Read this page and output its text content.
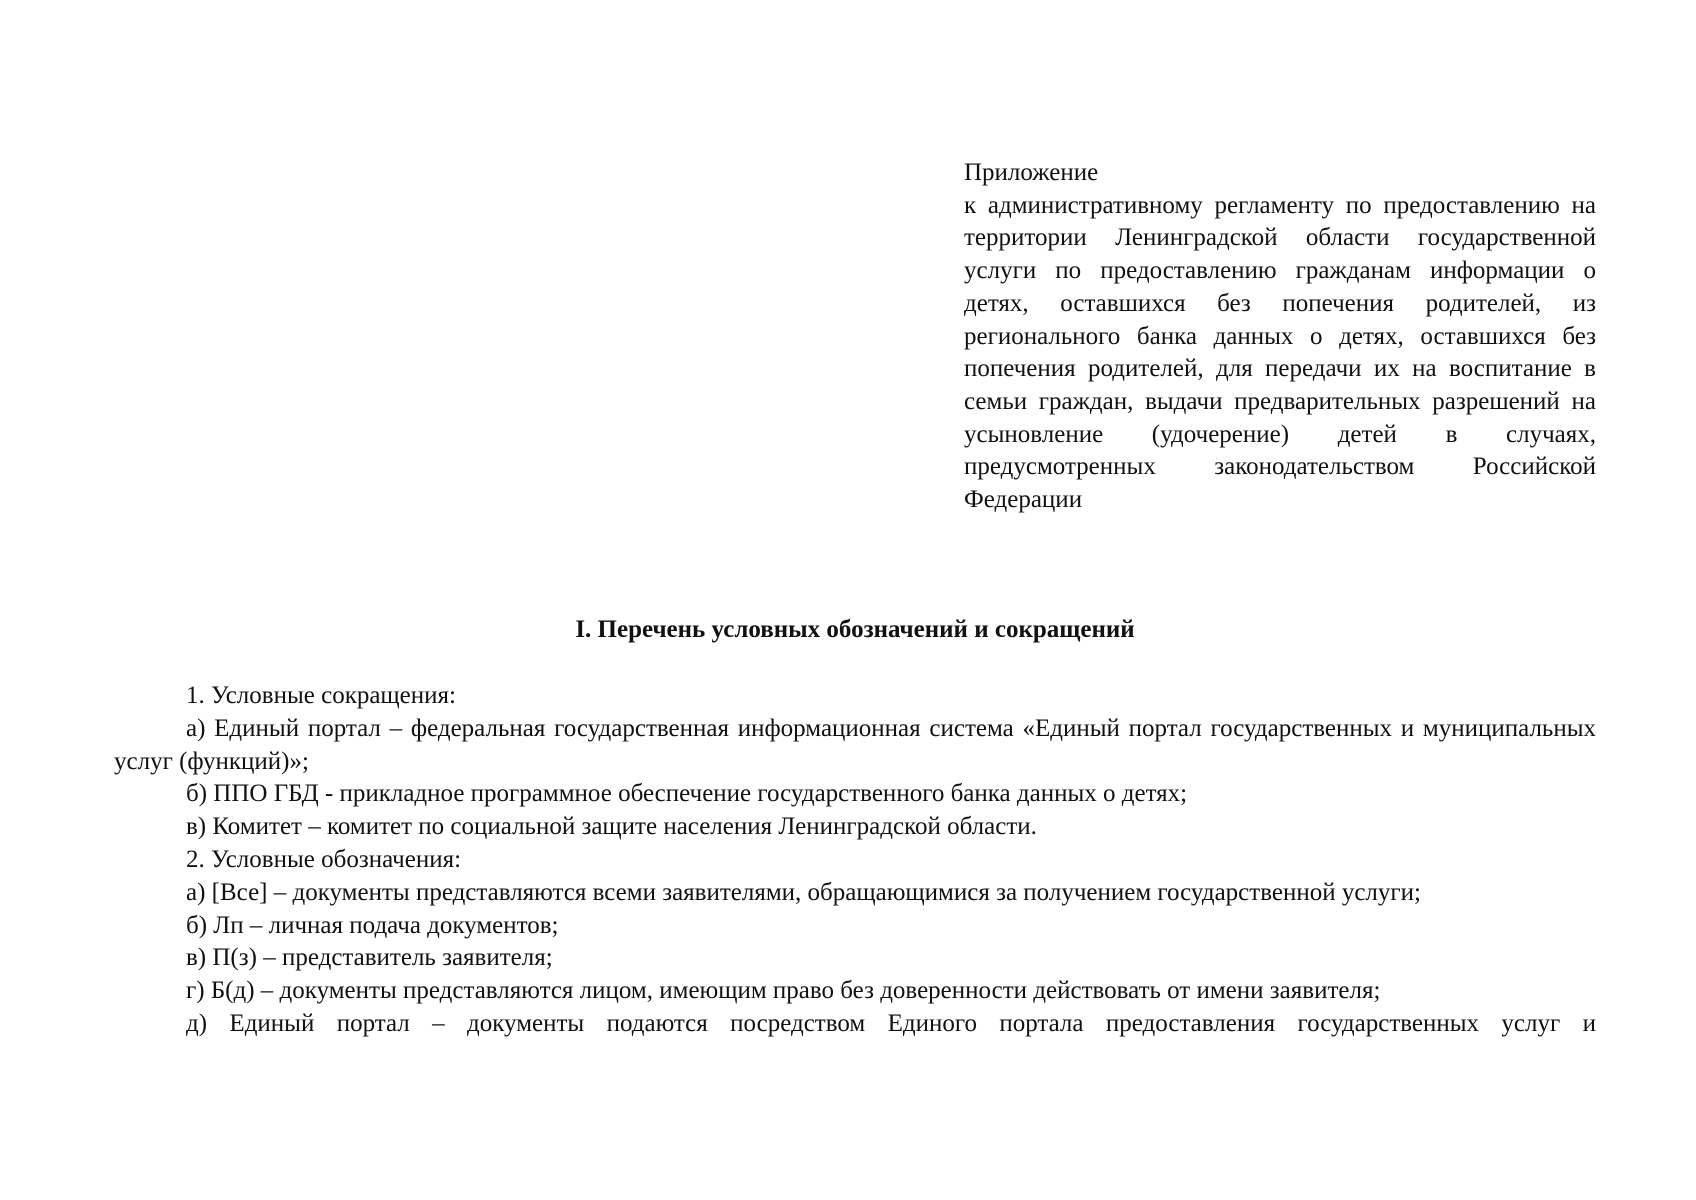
Приложение

к административному регламенту по предоставлению на территории Ленинградской области государственной услуги по предоставлению гражданам информации о детях, оставшихся без попечения родителей, из регионального банка данных о детях, оставшихся без попечения родителей, для передачи их на воспитание в семьи граждан, выдачи предварительных разрешений на усыновление (удочерение) детей в случаях, предусмотренных законодательством Российской Федерации

I. Перечень условных обозначений и сокращений

1. Условные сокращения:

а) Единый портал – федеральная государственная информационная система «Единый портал государственных и муниципальных услуг (функций)»;

б) ППО ГБД - прикладное программное обеспечение государственного банка данных о детях;

в) Комитет – комитет по социальной защите населения Ленинградской области.

2. Условные обозначения:

а) [Все] – документы представляются всеми заявителями, обращающимися за получением государственной услуги;

б) Лп – личная подача документов;

в) П(з) – представитель заявителя;

г) Б(д) – документы представляются лицом, имеющим право без доверенности действовать от имени заявителя;

д) Единый портал – документы подаются посредством Единого портала предоставления государственных услуг и
